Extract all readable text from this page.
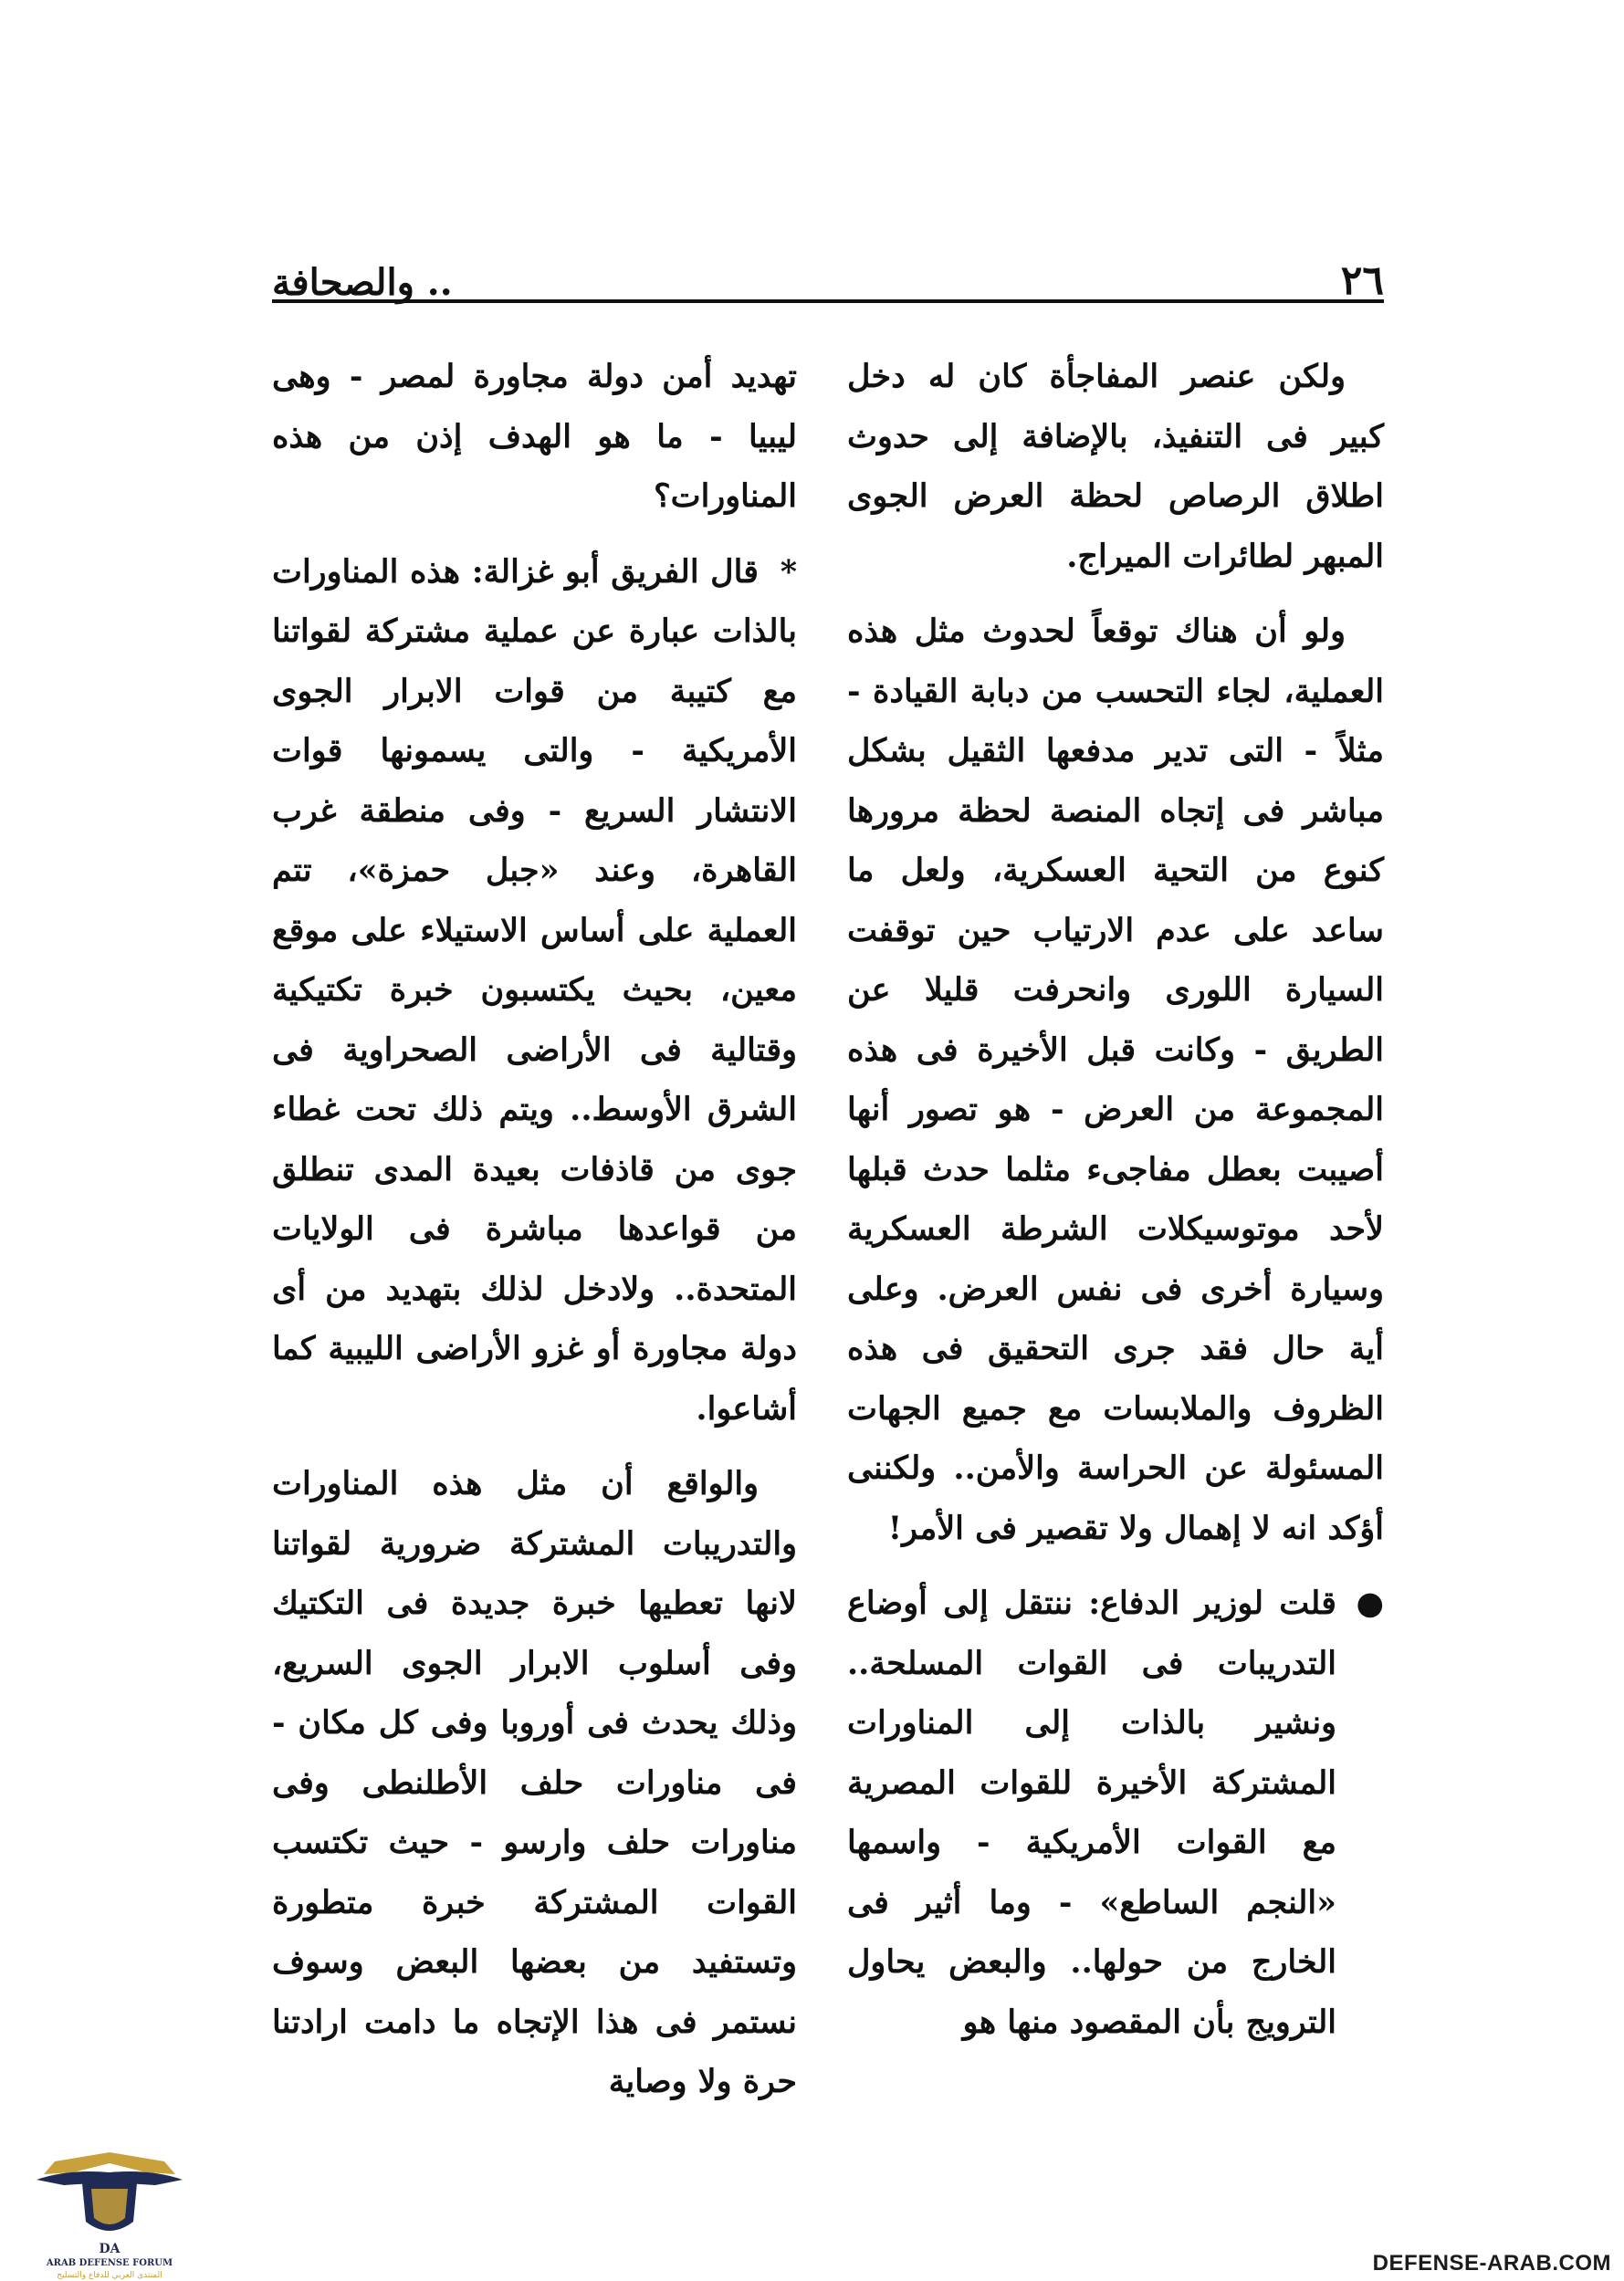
٢٦
.. والصحافة

ولكن عنصر المفاجأة كان له دخل كبير فى التنفيذ، بالإضافة إلى حدوث اطلاق الرصاص لحظة العرض الجوى المبهر لطائرات الميراج.

ولو أن هناك توقعاً لحدوث مثل هذه العملية، لجاء التحسب من دبابة القيادة - مثلاً - التى تدير مدفعها الثقيل بشكل مباشر فى إتجاه المنصة لحظة مرورها كنوع من التحية العسكرية، ولعل ما ساعد على عدم الارتياب حين توقفت السيارة اللورى وانحرفت قليلا عن الطريق - وكانت قبل الأخيرة فى هذه المجموعة من العرض - هو تصور أنها أصيبت بعطل مفاجىء مثلما حدث قبلها لأحد موتوسيكلات الشرطة العسكرية وسيارة أخرى فى نفس العرض. وعلى أية حال فقد جرى التحقيق فى هذه الظروف والملابسات مع جميع الجهات المسئولة عن الحراسة والأمن.. ولكننى أؤكد انه لا إهمال ولا تقصير فى الأمر!

●
قلت لوزير الدفاع: ننتقل إلى أوضاع التدريبات فى القوات المسلحة.. ونشير بالذات إلى المناورات المشتركة الأخيرة للقوات المصرية مع القوات الأمريكية - واسمها «النجم الساطع» - وما أثير فى الخارج من حولها.. والبعض يحاول الترويج بأن المقصود منها هو

تهديد أمن دولة مجاورة لمصر - وهى ليبيا - ما هو الهدف إذن من هذه المناورات؟

*قال الفريق أبو غزالة: هذه المناورات بالذات عبارة عن عملية مشتركة لقواتنا مع كتيبة من قوات الابرار الجوى الأمريكية - والتى يسمونها قوات الانتشار السريع - وفى منطقة غرب القاهرة، وعند «جبل حمزة»، تتم العملية على أساس الاستيلاء على موقع معين، بحيث يكتسبون خبرة تكتيكية وقتالية فى الأراضى الصحراوية فى الشرق الأوسط.. ويتم ذلك تحت غطاء جوى من قاذفات بعيدة المدى تنطلق من قواعدها مباشرة فى الولايات المتحدة.. ولادخل لذلك بتهديد من أى دولة مجاورة أو غزو الأراضى الليبية كما أشاعوا.

والواقع أن مثل هذه المناورات والتدريبات المشتركة ضرورية لقواتنا لانها تعطيها خبرة جديدة فى التكتيك وفى أسلوب الابرار الجوى السريع، وذلك يحدث فى أوروبا وفى كل مكان - فى مناورات حلف الأطلنطى وفى مناورات حلف وارسو - حيث تكتسب القوات المشتركة خبرة متطورة وتستفيد من بعضها البعض وسوف نستمر فى هذا الإتجاه ما دامت ارادتنا حرة ولا وصاية

DA
ARAB DEFENSE FORUM
المنتدى العربي للدفاع والتسليح	DEFENSE-ARAB.COM
